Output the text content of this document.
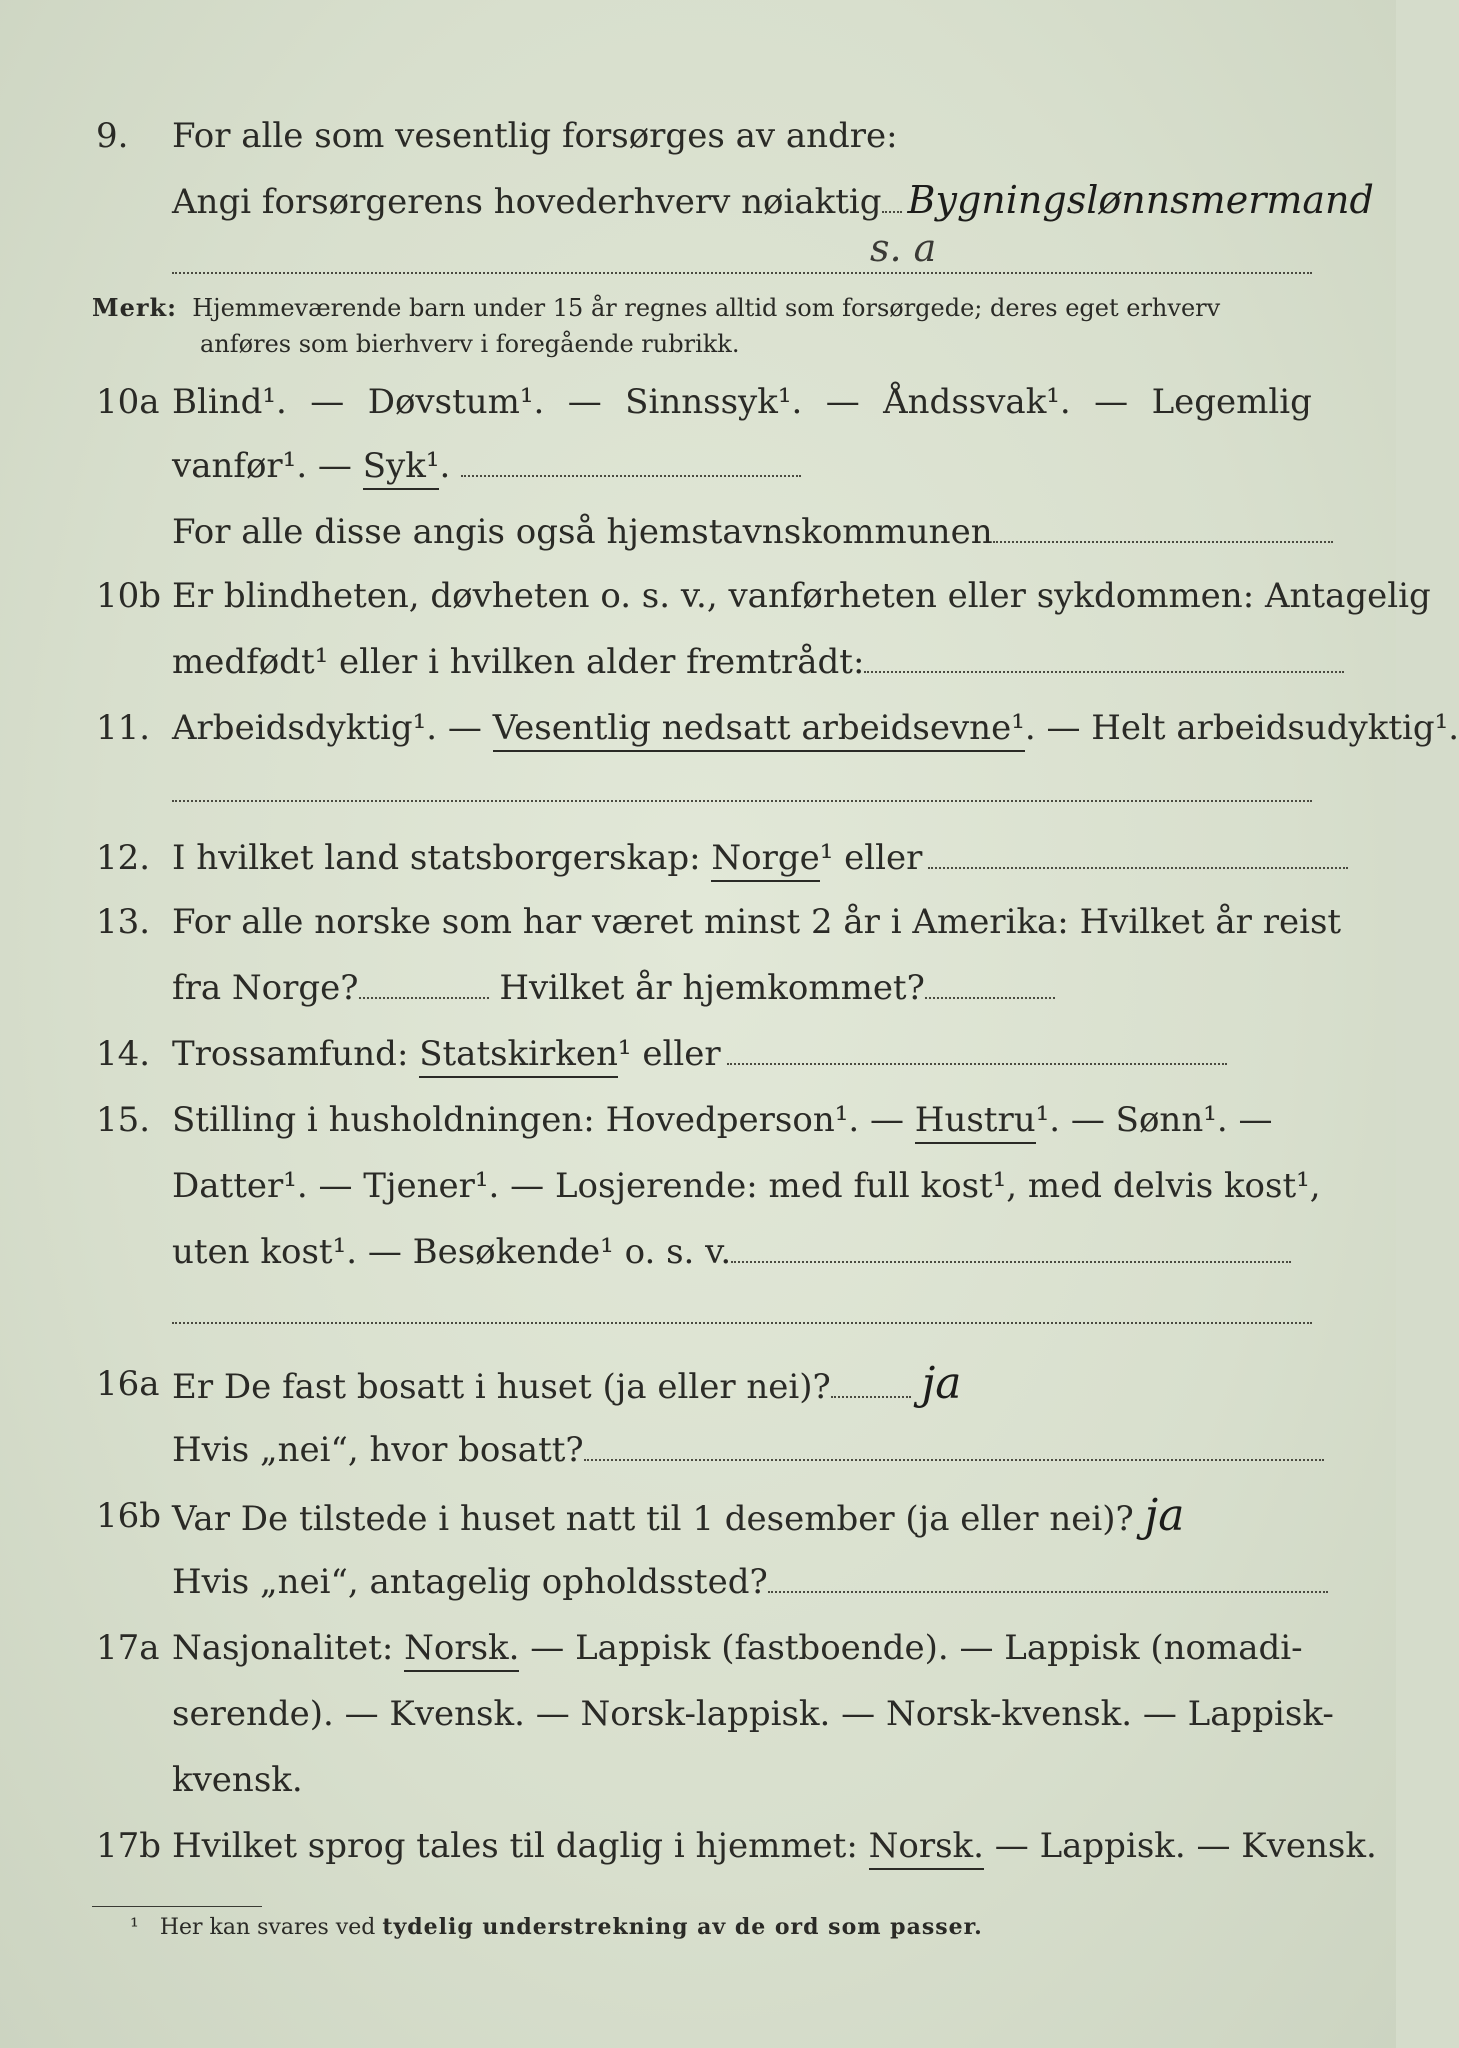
9. For alle som vesentlig forsørges av andre:
Angi forsørgerens hovederhverv nøiaktig Bygningslønnsmermand
s. a
Merk: Hjemmeværende barn under 15 år regnes alltid som forsørgede; deres eget erhverv
anføres som bierhverv i foregående rubrikk.
10a Blind¹. — Døvstum¹. — Sinnssyk¹. — Åndssvak¹. — Legemlig
vanfør¹. — Syk¹.
For alle disse angis også hjemstavnskommunen
10b Er blindheten, døvheten o. s. v., vanførheten eller sykdommen: Antagelig
medfødt¹ eller i hvilken alder fremtrådt:
11. Arbeidsdyktig¹. — Vesentlig nedsatt arbeidsevne¹. — Helt arbeidsudyktig¹.
12. I hvilket land statsborgerskap: Norge¹ eller
13. For alle norske som har været minst 2 år i Amerika: Hvilket år reist
fra Norge?	Hvilket år hjemkommet?
14. Trossamfund: Statskirken¹ eller
15. Stilling i husholdningen: Hovedperson¹. — Hustru¹. — Sønn¹. —
Datter¹. — Tjener¹. — Losjerende: med full kost¹, med delvis kost¹,
uten kost¹. — Besøkende¹ o. s. v.
16a Er De fast bosatt i huset (ja eller nei)? ja
Hvis „nei“, hvor bosatt?
16b Var De tilstede i huset natt til 1 desember (ja eller nei)? ja
Hvis „nei“, antagelig opholdssted?
17a Nasjonalitet: Norsk. — Lappisk (fastboende). — Lappisk (nomadi-
serende). — Kvensk. — Norsk-lappisk. — Norsk-kvensk. — Lappisk-
kvensk.
17b Hvilket sprog tales til daglig i hjemmet: Norsk. — Lappisk. — Kvensk.
¹ Her kan svares ved tydelig understrekning av de ord som passer.
